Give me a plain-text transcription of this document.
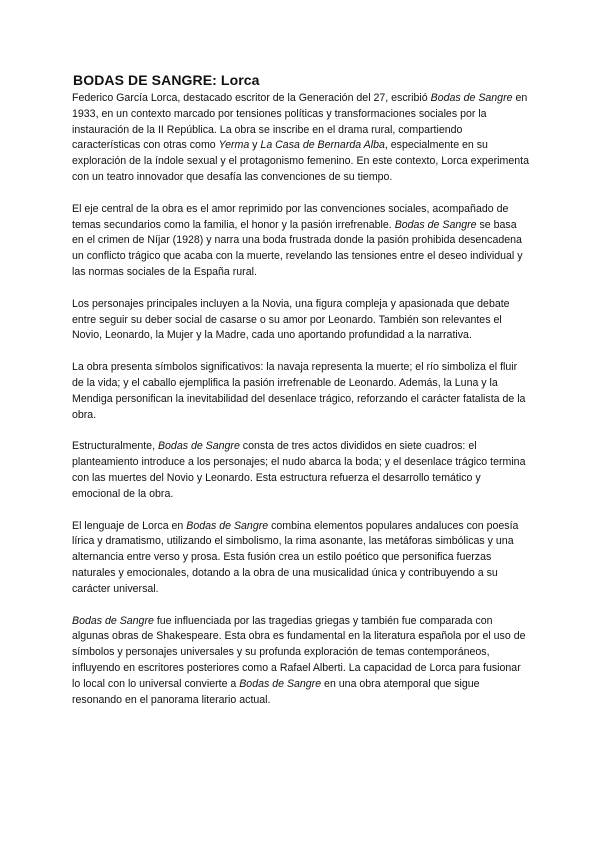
BODAS DE SANGRE: Lorca

Federico García Lorca, destacado escritor de la Generación del 27, escribió Bodas de Sangre en 1933, en un contexto marcado por tensiones políticas y transformaciones sociales por la instauración de la II República. La obra se inscribe en el drama rural, compartiendo características con otras como Yerma y La Casa de Bernarda Alba, especialmente en su exploración de la índole sexual y el protagonismo femenino. En este contexto, Lorca experimenta con un teatro innovador que desafía las convenciones de su tiempo.

El eje central de la obra es el amor reprimido por las convenciones sociales, acompañado de temas secundarios como la familia, el honor y la pasión irrefrenable. Bodas de Sangre se basa en el crimen de Níjar (1928) y narra una boda frustrada donde la pasión prohibida desencadena un conflicto trágico que acaba con la muerte, revelando las tensiones entre el deseo individual y las normas sociales de la España rural.

Los personajes principales incluyen a la Novia, una figura compleja y apasionada que debate entre seguir su deber social de casarse o su amor por Leonardo. También son relevantes el Novio, Leonardo, la Mujer y la Madre, cada uno aportando profundidad a la narrativa.

La obra presenta símbolos significativos: la navaja representa la muerte; el río simboliza el fluir de la vida; y el caballo ejemplifica la pasión irrefrenable de Leonardo. Además, la Luna y la Mendiga personifican la inevitabilidad del desenlace trágico, reforzando el carácter fatalista de la obra.

Estructuralmente, Bodas de Sangre consta de tres actos divididos en siete cuadros: el planteamiento introduce a los personajes; el nudo abarca la boda; y el desenlace trágico termina con las muertes del Novio y Leonardo. Esta estructura refuerza el desarrollo temático y emocional de la obra.

El lenguaje de Lorca en Bodas de Sangre combina elementos populares andaluces con poesía lírica y dramatismo, utilizando el simbolismo, la rima asonante, las metáforas simbólicas y una alternancia entre verso y prosa. Esta fusión crea un estilo poético que personifica fuerzas naturales y emocionales, dotando a la obra de una musicalidad única y contribuyendo a su carácter universal.

Bodas de Sangre fue influenciada por las tragedias griegas y también fue comparada con algunas obras de Shakespeare. Esta obra es fundamental en la literatura española por el uso de símbolos y personajes universales y su profunda exploración de temas contemporáneos, influyendo en escritores posteriores como a Rafael Alberti. La capacidad de Lorca para fusionar lo local con lo universal convierte a Bodas de Sangre en una obra atemporal que sigue resonando en el panorama literario actual.
